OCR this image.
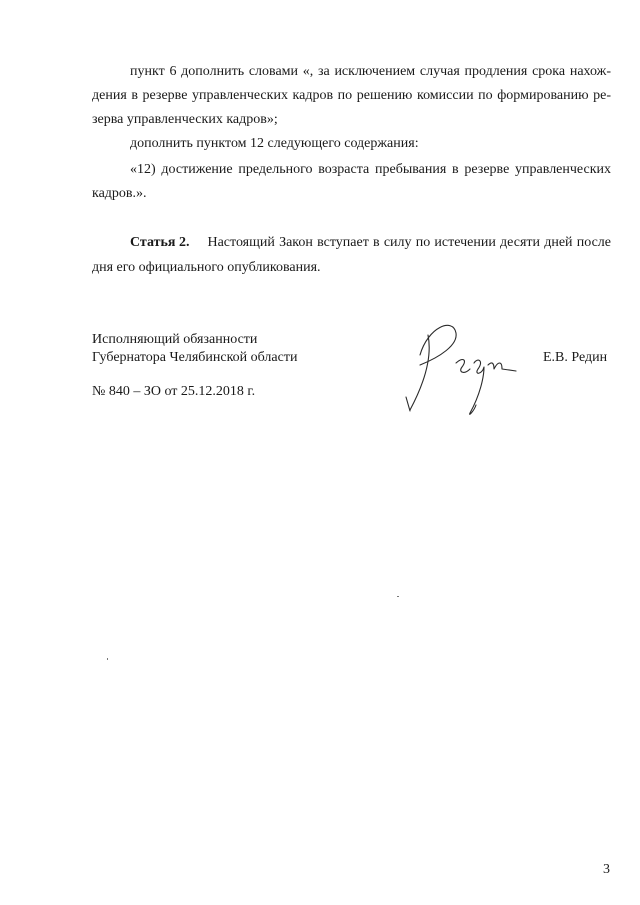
пункт 6 дополнить словами «, за исключением случая продления срока нахож-
дения в резерве управленческих кадров по решению комиссии по формированию ре-
зерва управленческих кадров»;
дополнить пунктом 12 следующего содержания:
«12) достижение предельного возраста пребывания в резерве управленческих
кадров.».
Статья 2. Настоящий Закон вступает в силу по истечении десяти дней после
дня его официального опубликования.
Исполняющий обязанности
Губернатора Челябинской области	Е.В. Редин
№ 840 – ЗО от 25.12.2018 г.
3
